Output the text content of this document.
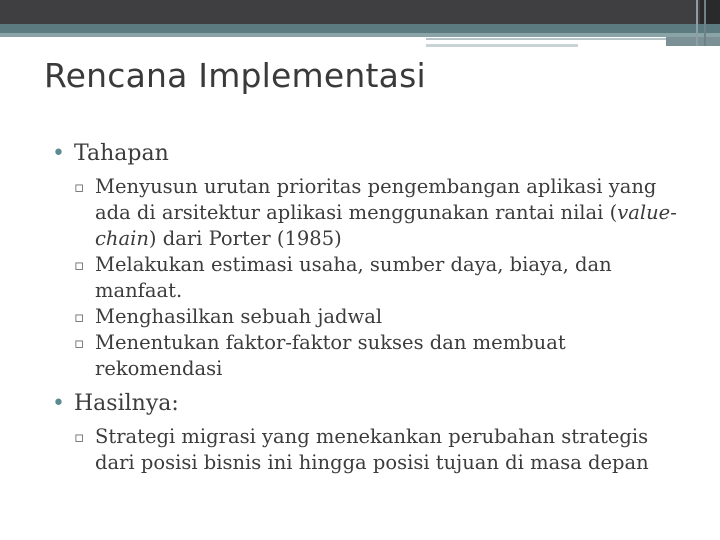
Rencana Implementasi
• Tahapan
▫ Menyusun urutan prioritas pengembangan aplikasi yang ada di arsitektur aplikasi menggunakan rantai nilai (value-chain) dari Porter (1985)
▫ Melakukan estimasi usaha, sumber daya, biaya, dan manfaat.
▫ Menghasilkan sebuah jadwal
▫ Menentukan faktor-faktor sukses dan membuat rekomendasi
• Hasilnya:
▫ Strategi migrasi yang menekankan perubahan strategis dari posisi bisnis ini hingga posisi tujuan di masa depan
